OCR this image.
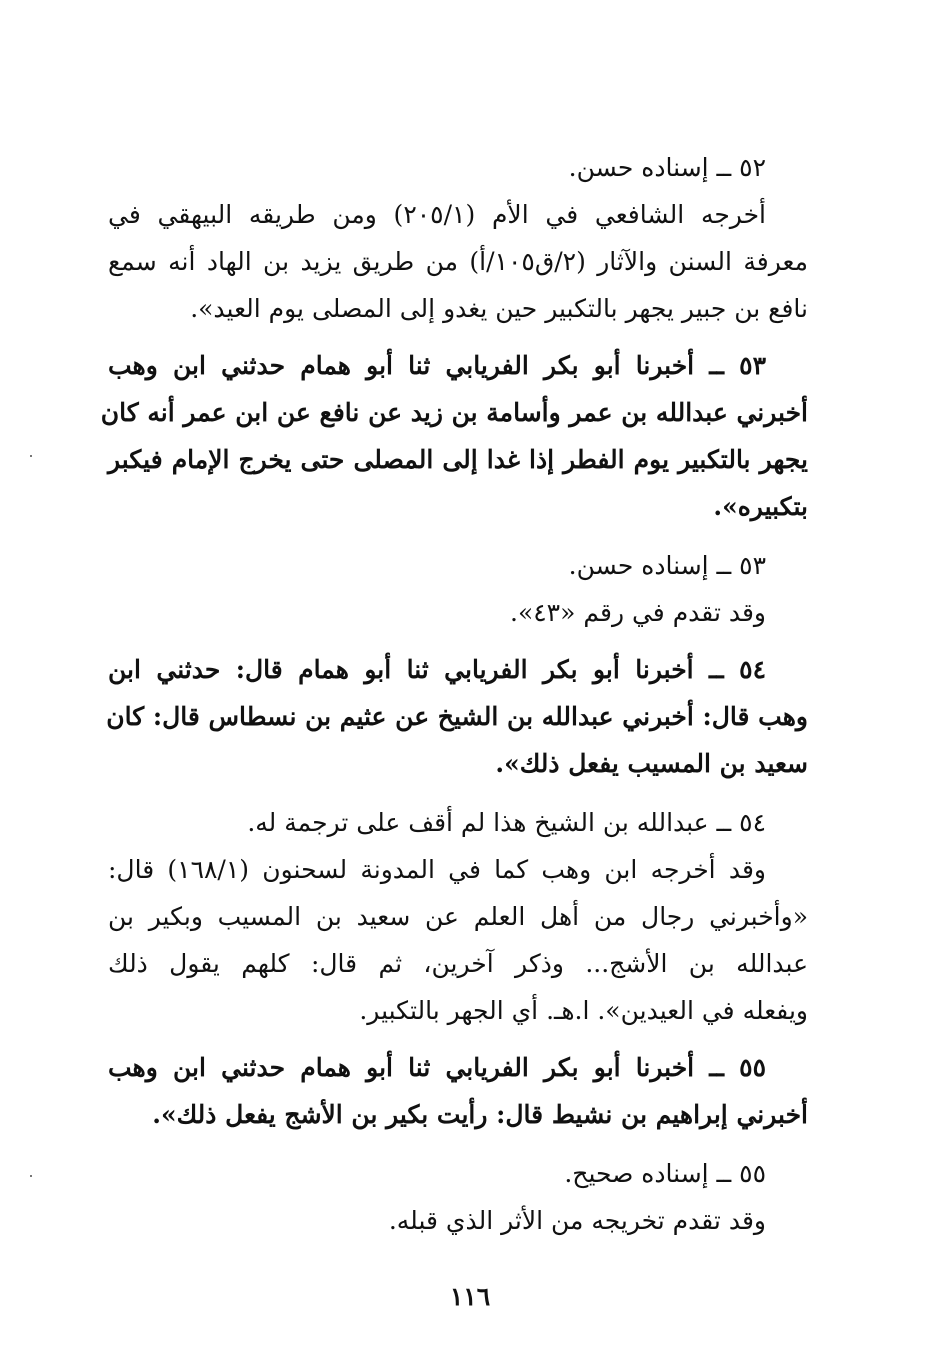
٥٢ ــ إسناده حسن.

أخرجه الشافعي في الأم (٢٠٥/١) ومن طريقه البيهقي في

معرفة السنن والآثار (٢/ق١٠٥/أ) من طريق يزيد بن الهاد أنه سمع

نافع بن جبير يجهر بالتكبير حين يغدو إلى المصلى يوم العيد».

٥٣ ــ أخبرنا أبو بكر الفريابي ثنا أبو همام حدثني ابن وهب

أخبرني عبدالله بن عمر وأسامة بن زيد عن نافع عن ابن عمر أنه كان

يجهر بالتكبير يوم الفطر إذا غدا إلى المصلى حتى يخرج الإمام فيكبر

بتكبيره».

٥٣ ــ إسناده حسن.

وقد تقدم في رقم «٤٣».

٥٤ ــ أخبرنا أبو بكر الفريابي ثنا أبو همام قال: حدثني ابن

وهب قال: أخبرني عبدالله بن الشيخ عن عثيم بن نسطاس قال: كان

سعيد بن المسيب يفعل ذلك».

٥٤ ــ عبدالله بن الشيخ هذا لم أقف على ترجمة له.

وقد أخرجه ابن وهب كما في المدونة لسحنون (١٦٨/١) قال:

«وأخبرني رجال من أهل العلم عن سعيد بن المسيب وبكير بن

عبدالله بن الأشج... وذكر آخرين، ثم قال: كلهم يقول ذلك

ويفعله في العيدين». ا.هـ. أي الجهر بالتكبير.

٥٥ ــ أخبرنا أبو بكر الفريابي ثنا أبو همام حدثني ابن وهب

أخبرني إبراهيم بن نشيط قال: رأيت بكير بن الأشج يفعل ذلك».

٥٥ ــ إسناده صحيح.

وقد تقدم تخريجه من الأثر الذي قبله.

١١٦
